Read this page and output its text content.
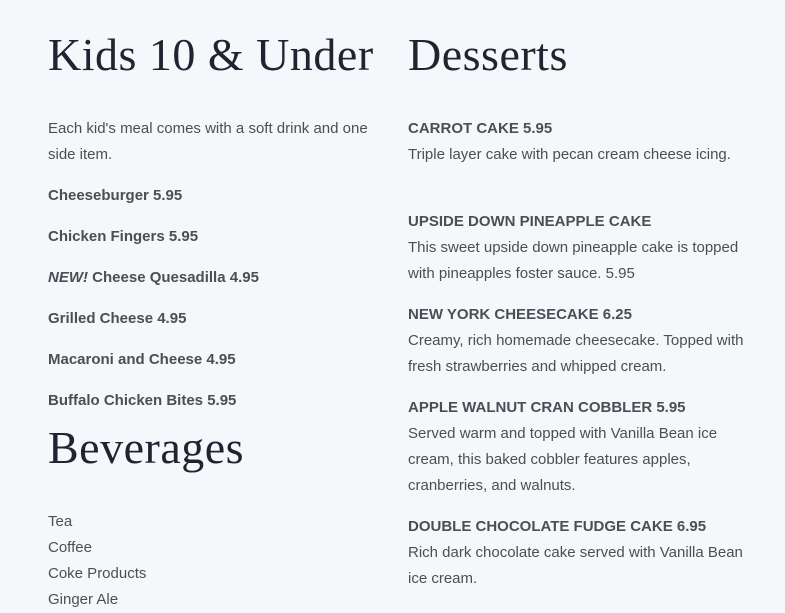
Kids 10 & Under
Each kid's meal comes with a soft drink and one side item.
Cheeseburger 5.95
Chicken Fingers 5.95
NEW! Cheese Quesadilla 4.95
Grilled Cheese 4.95
Macaroni and Cheese 4.95
Buffalo Chicken Bites 5.95
Beverages
Tea
Coffee
Coke Products
Ginger Ale
Desserts
CARROT CAKE 5.95
Triple layer cake with pecan cream cheese icing.
UPSIDE DOWN PINEAPPLE CAKE
This sweet upside down pineapple cake is topped with pineapples foster sauce. 5.95
NEW YORK CHEESECAKE 6.25
Creamy, rich homemade cheesecake. Topped with fresh strawberries and whipped cream.
APPLE WALNUT CRAN COBBLER 5.95
Served warm and topped with Vanilla Bean ice cream, this baked cobbler features apples, cranberries, and walnuts.
DOUBLE CHOCOLATE FUDGE CAKE 6.95
Rich dark chocolate cake served with Vanilla Bean ice cream.
